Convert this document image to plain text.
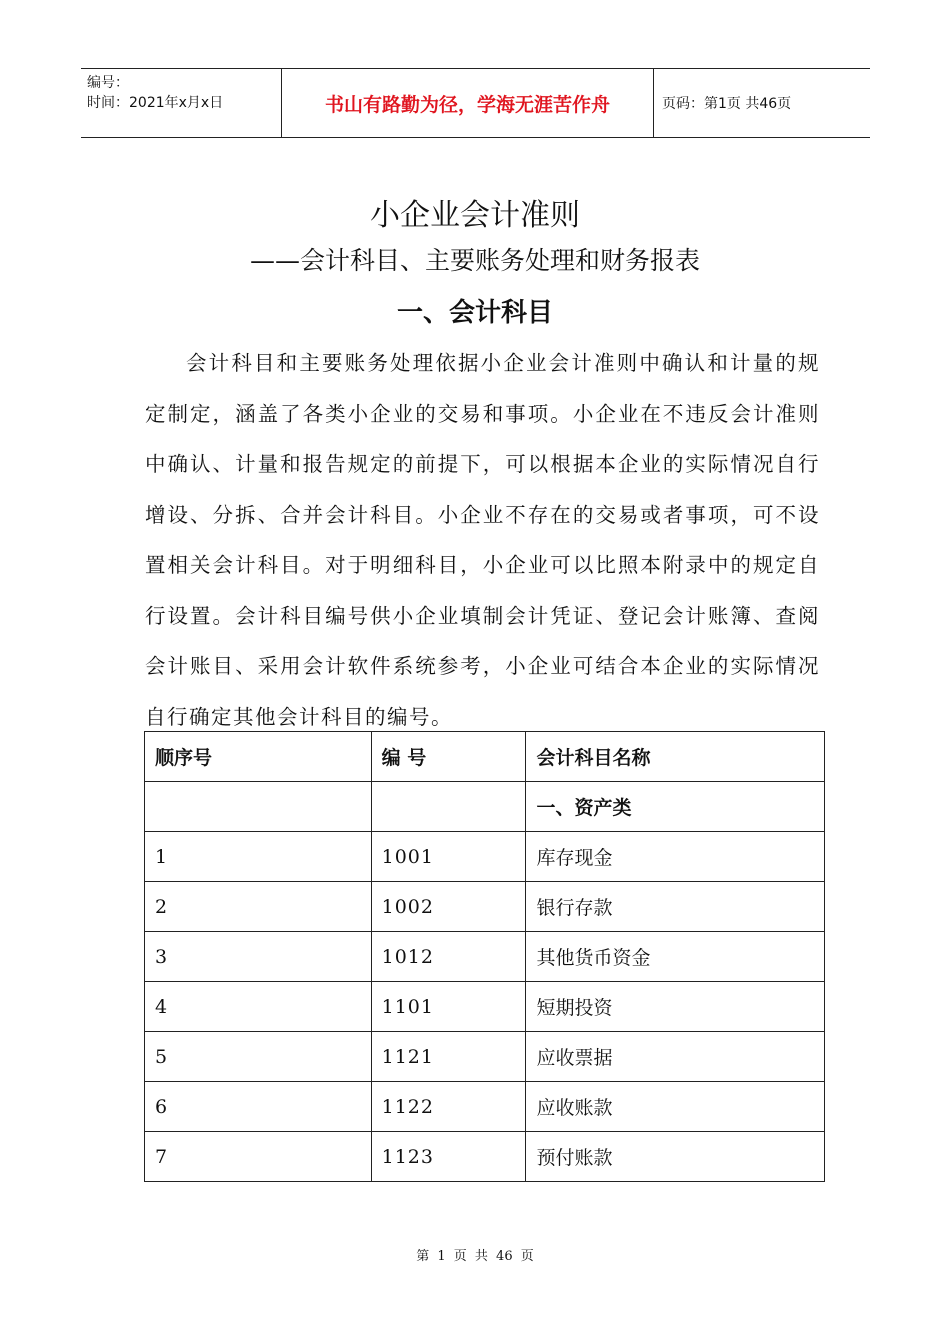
编号：
时间：2021年x月x日	书山有路勤为径，学海无涯苦作舟	页码：第1页 共46页
小企业会计准则
——会计科目、主要账务处理和财务报表
一、会计科目
会计科目和主要账务处理依据小企业会计准则中确认和计量的规定制定，涵盖了各类小企业的交易和事项。小企业在不违反会计准则中确认、计量和报告规定的前提下，可以根据本企业的实际情况自行增设、分拆、合并会计科目。小企业不存在的交易或者事项，可不设置相关会计科目。对于明细科目，小企业可以比照本附录中的规定自行设置。会计科目编号供小企业填制会计凭证、登记会计账簿、查阅会计账目、采用会计软件系统参考，小企业可结合本企业的实际情况自行确定其他会计科目的编号。
顺序号	编 号	会计科目名称
		一、资产类
1	1001	库存现金
2	1002	银行存款
3	1012	其他货币资金
4	1101	短期投资
5	1121	应收票据
6	1122	应收账款
7	1123	预付账款
第 1 页 共 46 页
